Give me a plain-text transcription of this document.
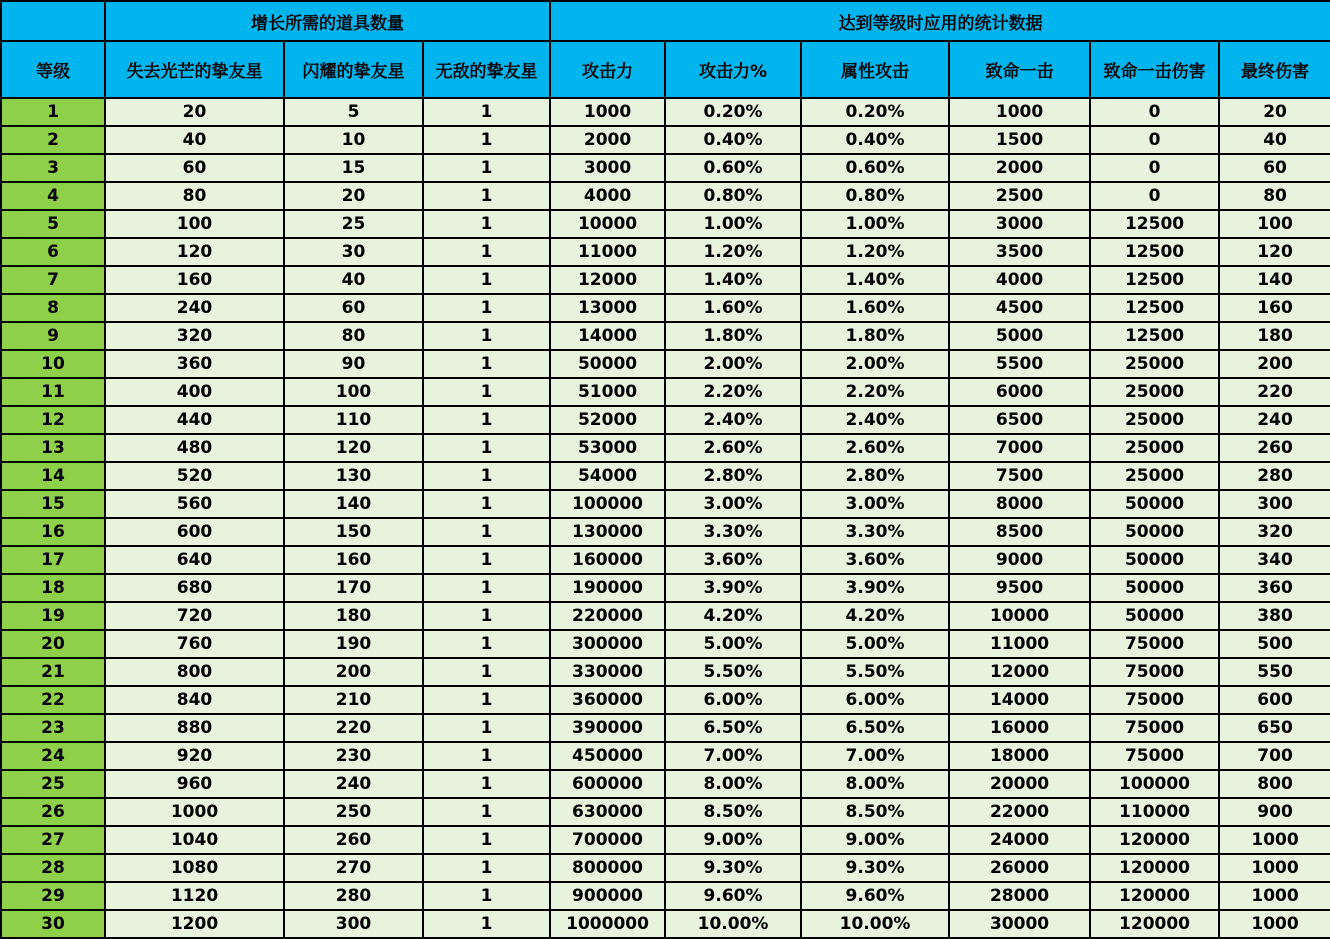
	增长所需的道具数量			达到等级时应用的统计数据					
等级	失去光芒的挚友星	闪耀的挚友星	无敌的挚友星	攻击力	攻击力%	属性攻击	致命一击	致命一击伤害	最终伤害
1	20	5	1	1000	0.20%	0.20%	1000	0	20
2	40	10	1	2000	0.40%	0.40%	1500	0	40
3	60	15	1	3000	0.60%	0.60%	2000	0	60
4	80	20	1	4000	0.80%	0.80%	2500	0	80
5	100	25	1	10000	1.00%	1.00%	3000	12500	100
6	120	30	1	11000	1.20%	1.20%	3500	12500	120
7	160	40	1	12000	1.40%	1.40%	4000	12500	140
8	240	60	1	13000	1.60%	1.60%	4500	12500	160
9	320	80	1	14000	1.80%	1.80%	5000	12500	180
10	360	90	1	50000	2.00%	2.00%	5500	25000	200
11	400	100	1	51000	2.20%	2.20%	6000	25000	220
12	440	110	1	52000	2.40%	2.40%	6500	25000	240
13	480	120	1	53000	2.60%	2.60%	7000	25000	260
14	520	130	1	54000	2.80%	2.80%	7500	25000	280
15	560	140	1	100000	3.00%	3.00%	8000	50000	300
16	600	150	1	130000	3.30%	3.30%	8500	50000	320
17	640	160	1	160000	3.60%	3.60%	9000	50000	340
18	680	170	1	190000	3.90%	3.90%	9500	50000	360
19	720	180	1	220000	4.20%	4.20%	10000	50000	380
20	760	190	1	300000	5.00%	5.00%	11000	75000	500
21	800	200	1	330000	5.50%	5.50%	12000	75000	550
22	840	210	1	360000	6.00%	6.00%	14000	75000	600
23	880	220	1	390000	6.50%	6.50%	16000	75000	650
24	920	230	1	450000	7.00%	7.00%	18000	75000	700
25	960	240	1	600000	8.00%	8.00%	20000	100000	800
26	1000	250	1	630000	8.50%	8.50%	22000	110000	900
27	1040	260	1	700000	9.00%	9.00%	24000	120000	1000
28	1080	270	1	800000	9.30%	9.30%	26000	120000	1000
29	1120	280	1	900000	9.60%	9.60%	28000	120000	1000
30	1200	300	1	1000000	10.00%	10.00%	30000	120000	1000
